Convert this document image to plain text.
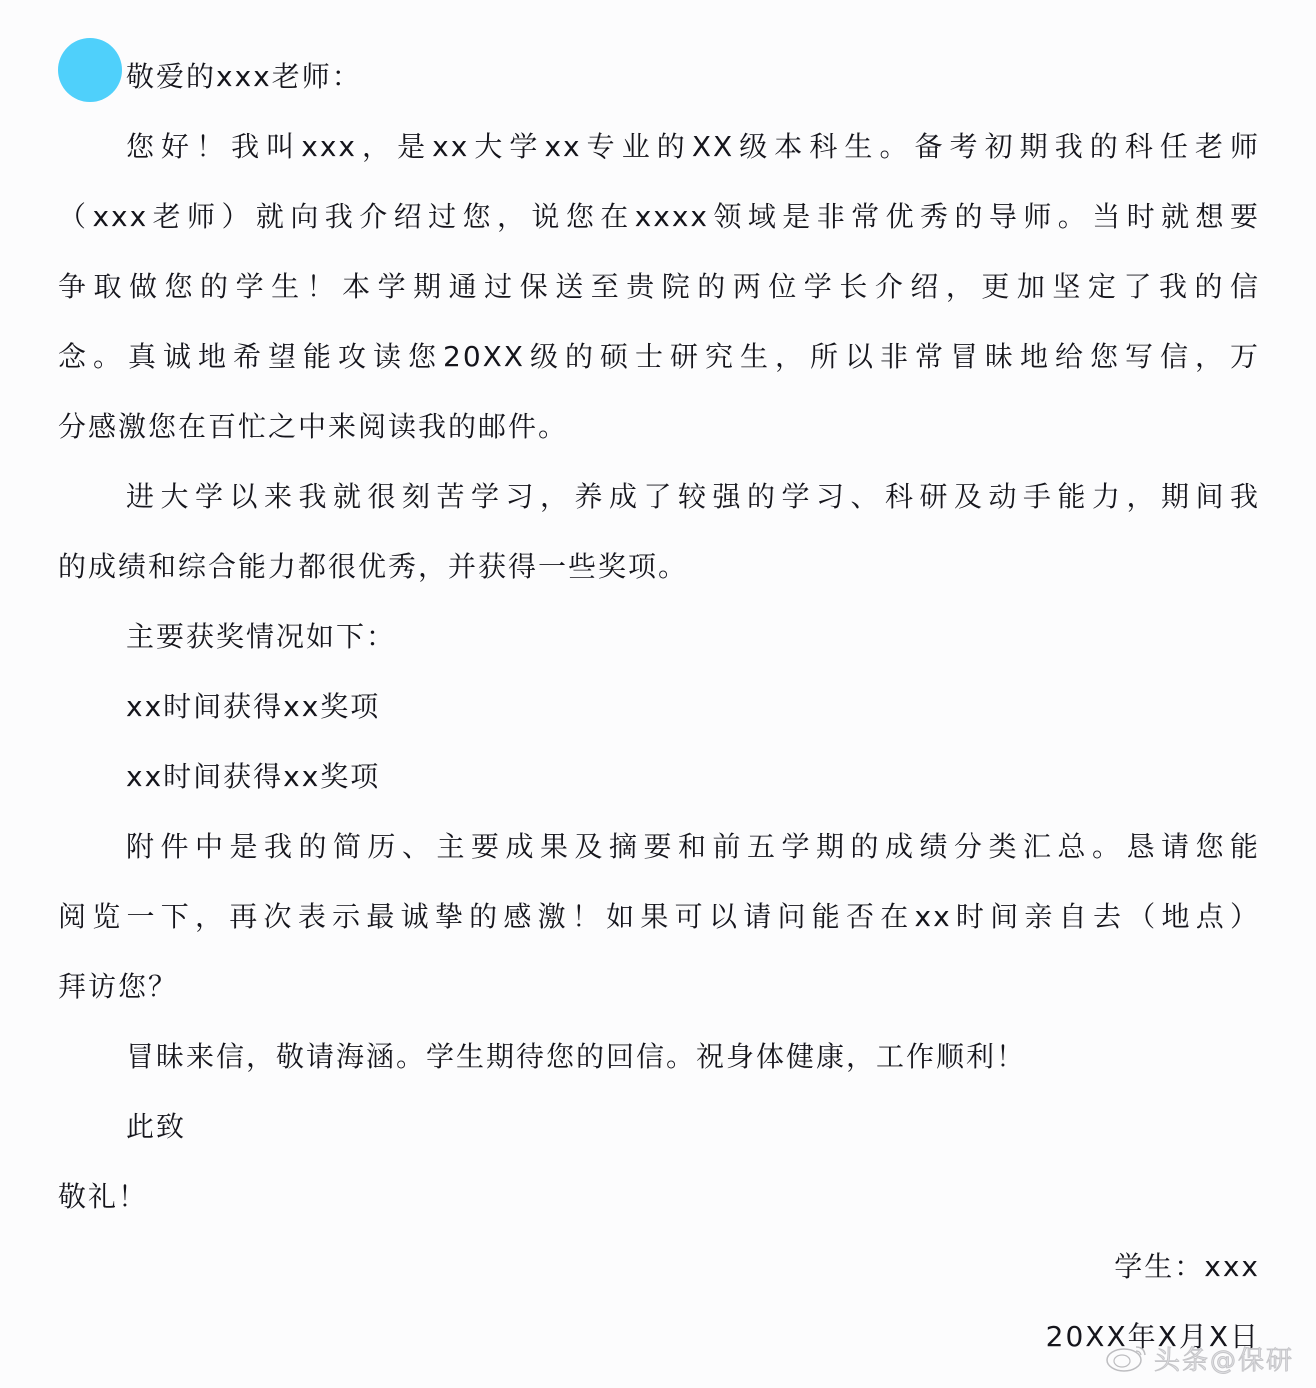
敬爱的xxx老师：
您好！我叫xxx，是xx大学xx专业的XX级本科生。备考初期我的科任老师
（xxx老师）就向我介绍过您，说您在xxxx领域是非常优秀的导师。当时就想要
争取做您的学生！本学期通过保送至贵院的两位学长介绍，更加坚定了我的信
念。真诚地希望能攻读您20XX级的硕士研究生，所以非常冒昧地给您写信，万
分感激您在百忙之中来阅读我的邮件。
进大学以来我就很刻苦学习，养成了较强的学习、科研及动手能力，期间我
的成绩和综合能力都很优秀，并获得一些奖项。
主要获奖情况如下：
xx时间获得xx奖项
xx时间获得xx奖项
附件中是我的简历、主要成果及摘要和前五学期的成绩分类汇总。恳请您能
阅览一下，再次表示最诚挚的感激！如果可以请问能否在xx时间亲自去（地点）
拜访您？
冒昧来信，敬请海涵。学生期待您的回信。祝身体健康，工作顺利！
此致
敬礼！
学生：xxx
20XX年X月X日
头条@保研
